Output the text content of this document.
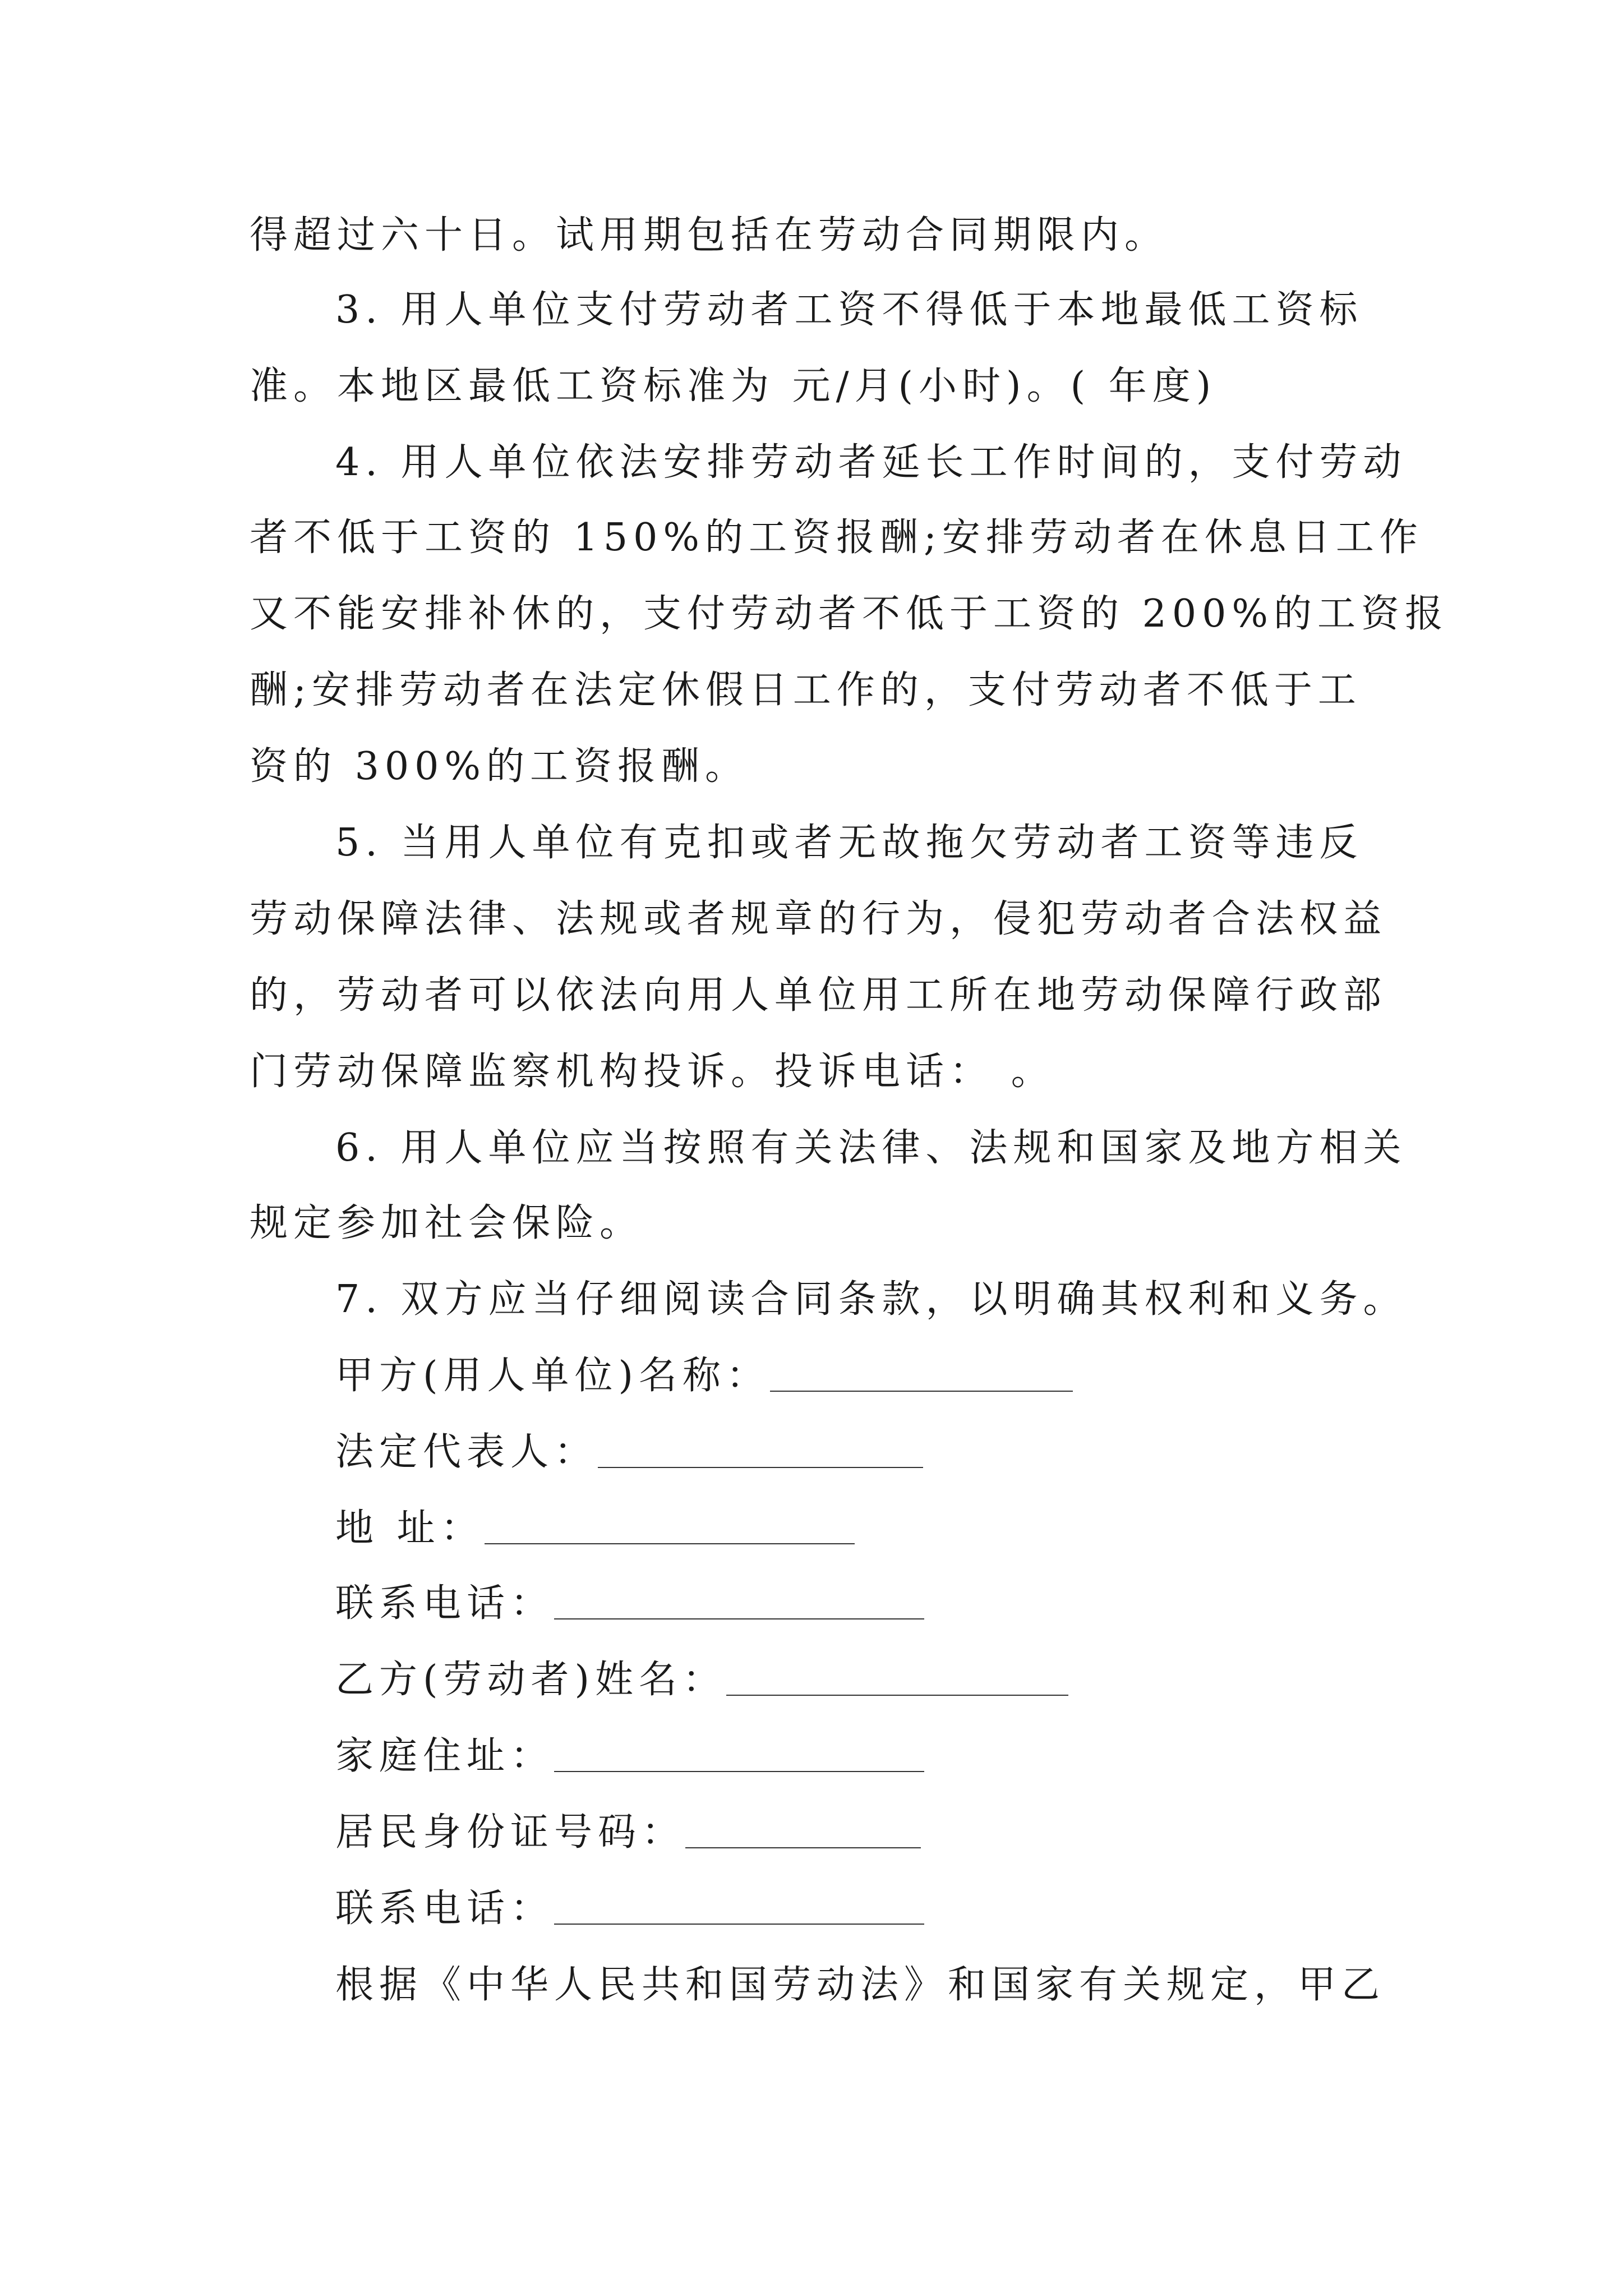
得超过六十日。试用期包括在劳动合同期限内。
3. 用人单位支付劳动者工资不得低于本地最低工资标
准。本地区最低工资标准为 元/月(小时)。( 年度)
4. 用人单位依法安排劳动者延长工作时间的，支付劳动
者不低于工资的 150%的工资报酬;安排劳动者在休息日工作
又不能安排补休的，支付劳动者不低于工资的 200%的工资报
酬;安排劳动者在法定休假日工作的，支付劳动者不低于工
资的 300%的工资报酬。
5. 当用人单位有克扣或者无故拖欠劳动者工资等违反
劳动保障法律、法规或者规章的行为，侵犯劳动者合法权益
的，劳动者可以依法向用人单位用工所在地劳动保障行政部
门劳动保障监察机构投诉。投诉电话： 。
6. 用人单位应当按照有关法律、法规和国家及地方相关
规定参加社会保险。
7. 双方应当仔细阅读合同条款，以明确其权利和义务。
甲方(用人单位)名称：
法定代表人：
地 址：
联系电话：
乙方(劳动者)姓名：
家庭住址：
居民身份证号码：
联系电话：
根据《中华人民共和国劳动法》和国家有关规定，甲乙
